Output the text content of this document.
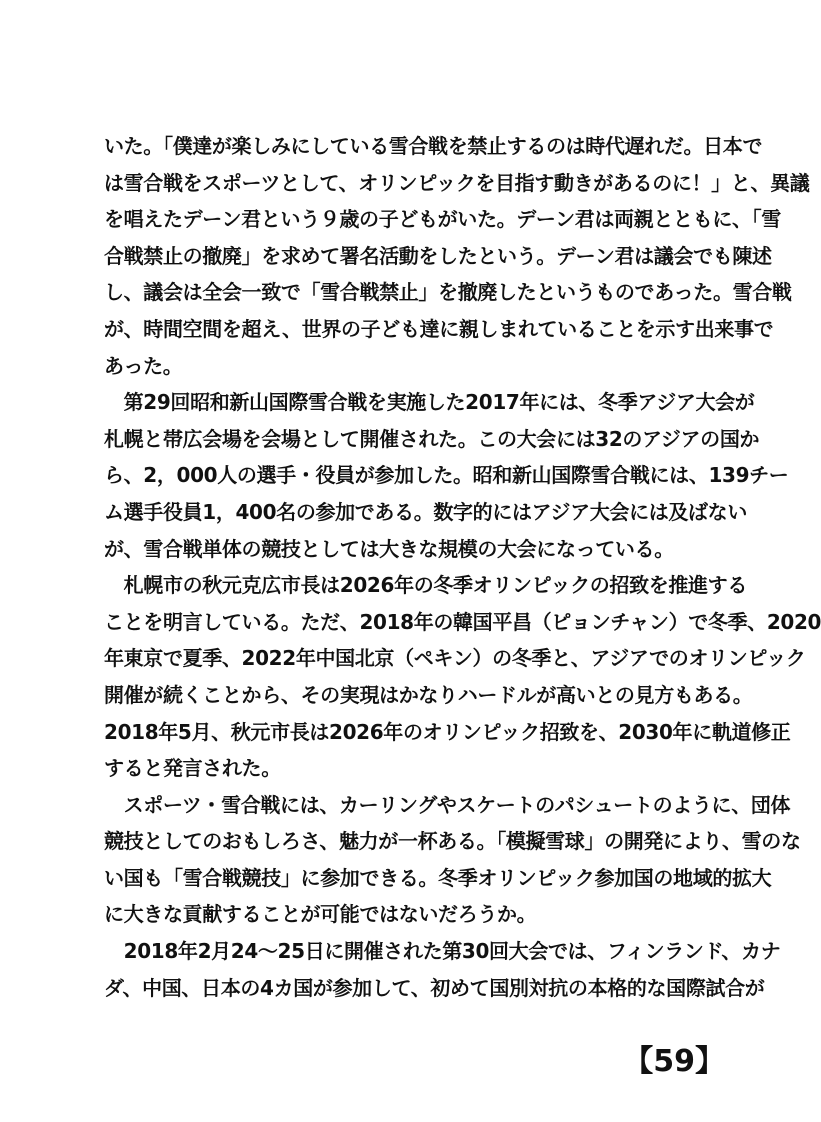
いた。「僕達が楽しみにしている雪合戦を禁止するのは時代遅れだ。日本で
は雪合戦をスポーツとして、オリンピックを目指す動きがあるのに！」と、異議
を唱えたデーン君という９歳の子どもがいた。デーン君は両親とともに、「雪
合戦禁止の撤廃」を求めて署名活動をしたという。デーン君は議会でも陳述
し、議会は全会一致で「雪合戦禁止」を撤廃したというものであった。雪合戦
が、時間空間を超え、世界の子ども達に親しまれていることを示す出来事で
あった。
　第29回昭和新山国際雪合戦を実施した2017年には、冬季アジア大会が
札幌と帯広会場を会場として開催された。この大会には32のアジアの国か
ら、2，000人の選手・役員が参加した。昭和新山国際雪合戦には、139チー
ム選手役員1，400名の参加である。数字的にはアジア大会には及ばない
が、雪合戦単体の競技としては大きな規模の大会になっている。
　札幌市の秋元克広市長は2026年の冬季オリンピックの招致を推進する
ことを明言している。ただ、2018年の韓国平昌（ピョンチャン）で冬季、2020
年東京で夏季、2022年中国北京（ペキン）の冬季と、アジアでのオリンピック
開催が続くことから、その実現はかなりハードルが高いとの見方もある。
2018年5月、秋元市長は2026年のオリンピック招致を、2030年に軌道修正
すると発言された。
　スポーツ・雪合戦には、カーリングやスケートのパシュートのように、団体
競技としてのおもしろさ、魅力が一杯ある。「模擬雪球」の開発により、雪のな
い国も「雪合戦競技」に参加できる。冬季オリンピック参加国の地域的拡大
に大きな貢献することが可能ではないだろうか。
　2018年2月24～25日に開催された第30回大会では、フィンランド、カナ
ダ、中国、日本の4カ国が参加して、初めて国別対抗の本格的な国際試合が
【59】
